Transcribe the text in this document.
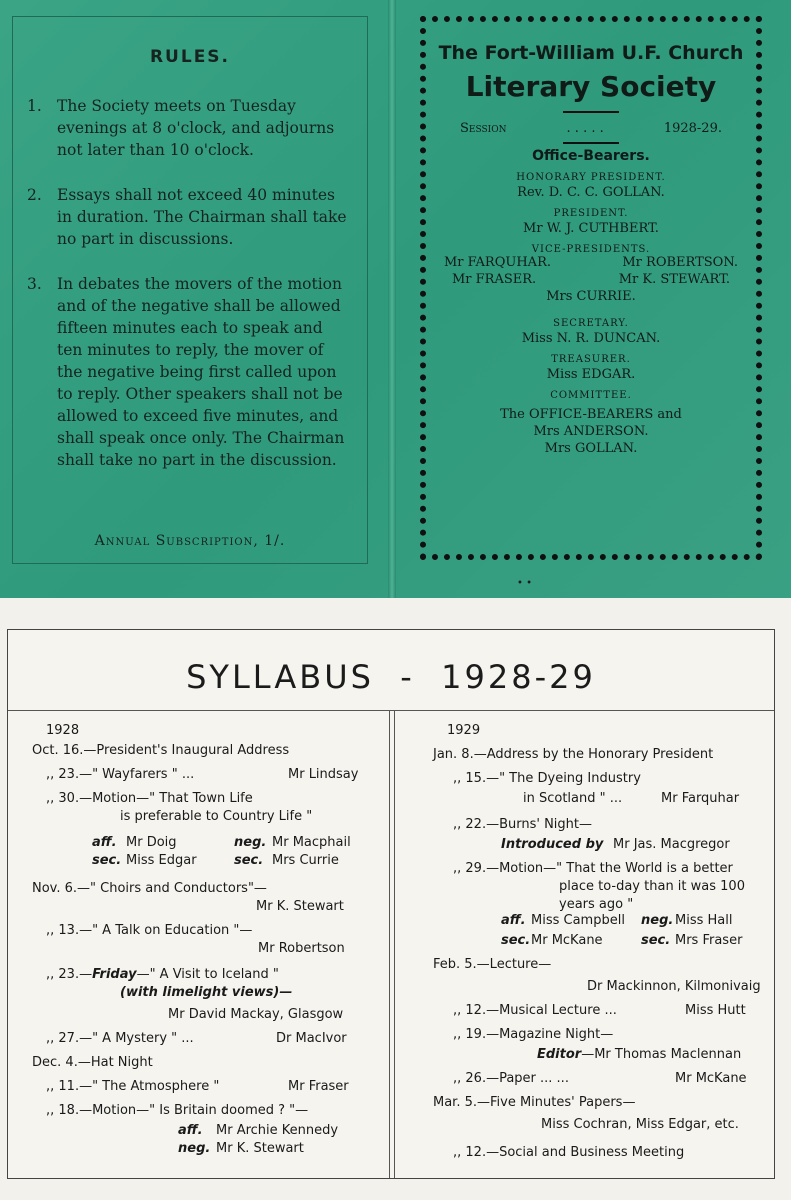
RULES.
1. The Society meets on Tuesday evenings at 8 o'clock, and adjourns not later than 10 o'clock.
2. Essays shall not exceed 40 minutes in duration. The Chairman shall take no part in discussions.
3. In debates the movers of the motion and of the negative shall be allowed fifteen minutes each to speak and ten minutes to reply, the mover of the negative being first called upon to reply. Other speakers shall not be allowed to exceed five minutes, and shall speak once only. The Chairman shall take no part in the discussion.
Annual Subscription, 1/.
The Fort-William U.F. Church
Literary Society
Session	. . . . .	1928-29.
Office-Bearers.
HONORARY PRESIDENT.
Rev. D. C. C. GOLLAN.
PRESIDENT.
Mr W. J. CUTHBERT.
VICE-PRESIDENTS.
Mr FARQUHAR.	Mr ROBERTSON.
Mr FRASER.	Mr K. STEWART.
Mrs CURRIE.
SECRETARY.
Miss N. R. DUNCAN.
TREASURER.
Miss EDGAR.
COMMITTEE.
The OFFICE-BEARERS and
Mrs ANDERSON.
Mrs GOLLAN.
• •
SYLLABUS  -  1928-29
1928
Oct. 16.—President's Inaugural Address
,, 23.—" Wayfarers " ...	Mr Lindsay
,, 30.—Motion—" That Town Life
is preferable to Country Life "
aff. Mr Doig	neg. Mr Macphail
sec. Miss Edgar	sec. Mrs Currie
Nov. 6.—" Choirs and Conductors"—
Mr K. Stewart
,, 13.—" A Talk on Education "—
Mr Robertson
,, 23.—Friday—" A Visit to Iceland "
(with limelight views)—
Mr David Mackay, Glasgow
,, 27.—" A Mystery " ...	Dr MacIvor
Dec. 4.—Hat Night
,, 11.—" The Atmosphere "	Mr Fraser
,, 18.—Motion—" Is Britain doomed ? "—
aff. Mr Archie Kennedy
neg. Mr K. Stewart
1929
Jan. 8.—Address by the Honorary President
,, 15.—" The Dyeing Industry
in Scotland " ...	Mr Farquhar
,, 22.—Burns' Night—
Introduced by Mr Jas. Macgregor
,, 29.—Motion—" That the World is a better
place to-day than it was 100
years ago "
aff. Miss Campbell neg. Miss Hall
sec. Mr McKane	sec. Mrs Fraser
Feb. 5.—Lecture—
Dr Mackinnon, Kilmonivaig
,, 12.—Musical Lecture ...	Miss Hutt
,, 19.—Magazine Night—
Editor—Mr Thomas Maclennan
,, 26.—Paper ... ...	Mr McKane
Mar. 5.—Five Minutes' Papers—
Miss Cochran, Miss Edgar, etc.
,, 12.—Social and Business Meeting
